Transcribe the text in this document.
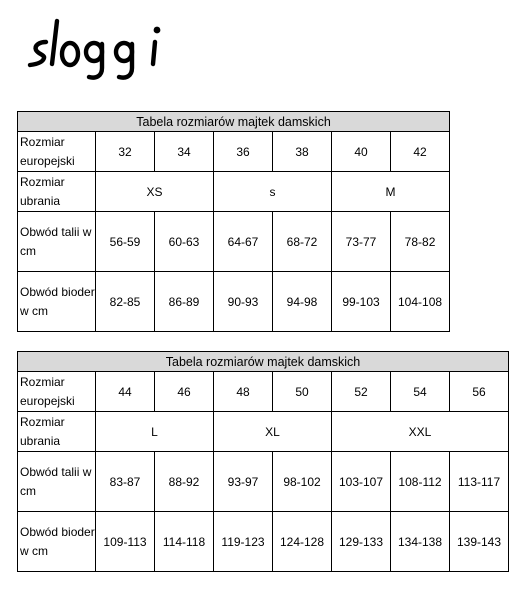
Tabela rozmiarów majtek damskich						
Rozmiar europejski	32	34	36	38	40	42
Rozmiar ubrania	XS		s		M	
Obwód talii w cm	56-59	60-63	64-67	68-72	73-77	78-82
Obwód bioder w cm	82-85	86-89	90-93	94-98	99-103	104-108
Tabela rozmiarów majtek damskich							
Rozmiar europejski	44	46	48	50	52	54	56
Rozmiar ubrania	L		XL		XXL		
Obwód talii w cm	83-87	88-92	93-97	98-102	103-107	108-112	113-117
Obwód bioder w cm	109-113	114-118	119-123	124-128	129-133	134-138	139-143
